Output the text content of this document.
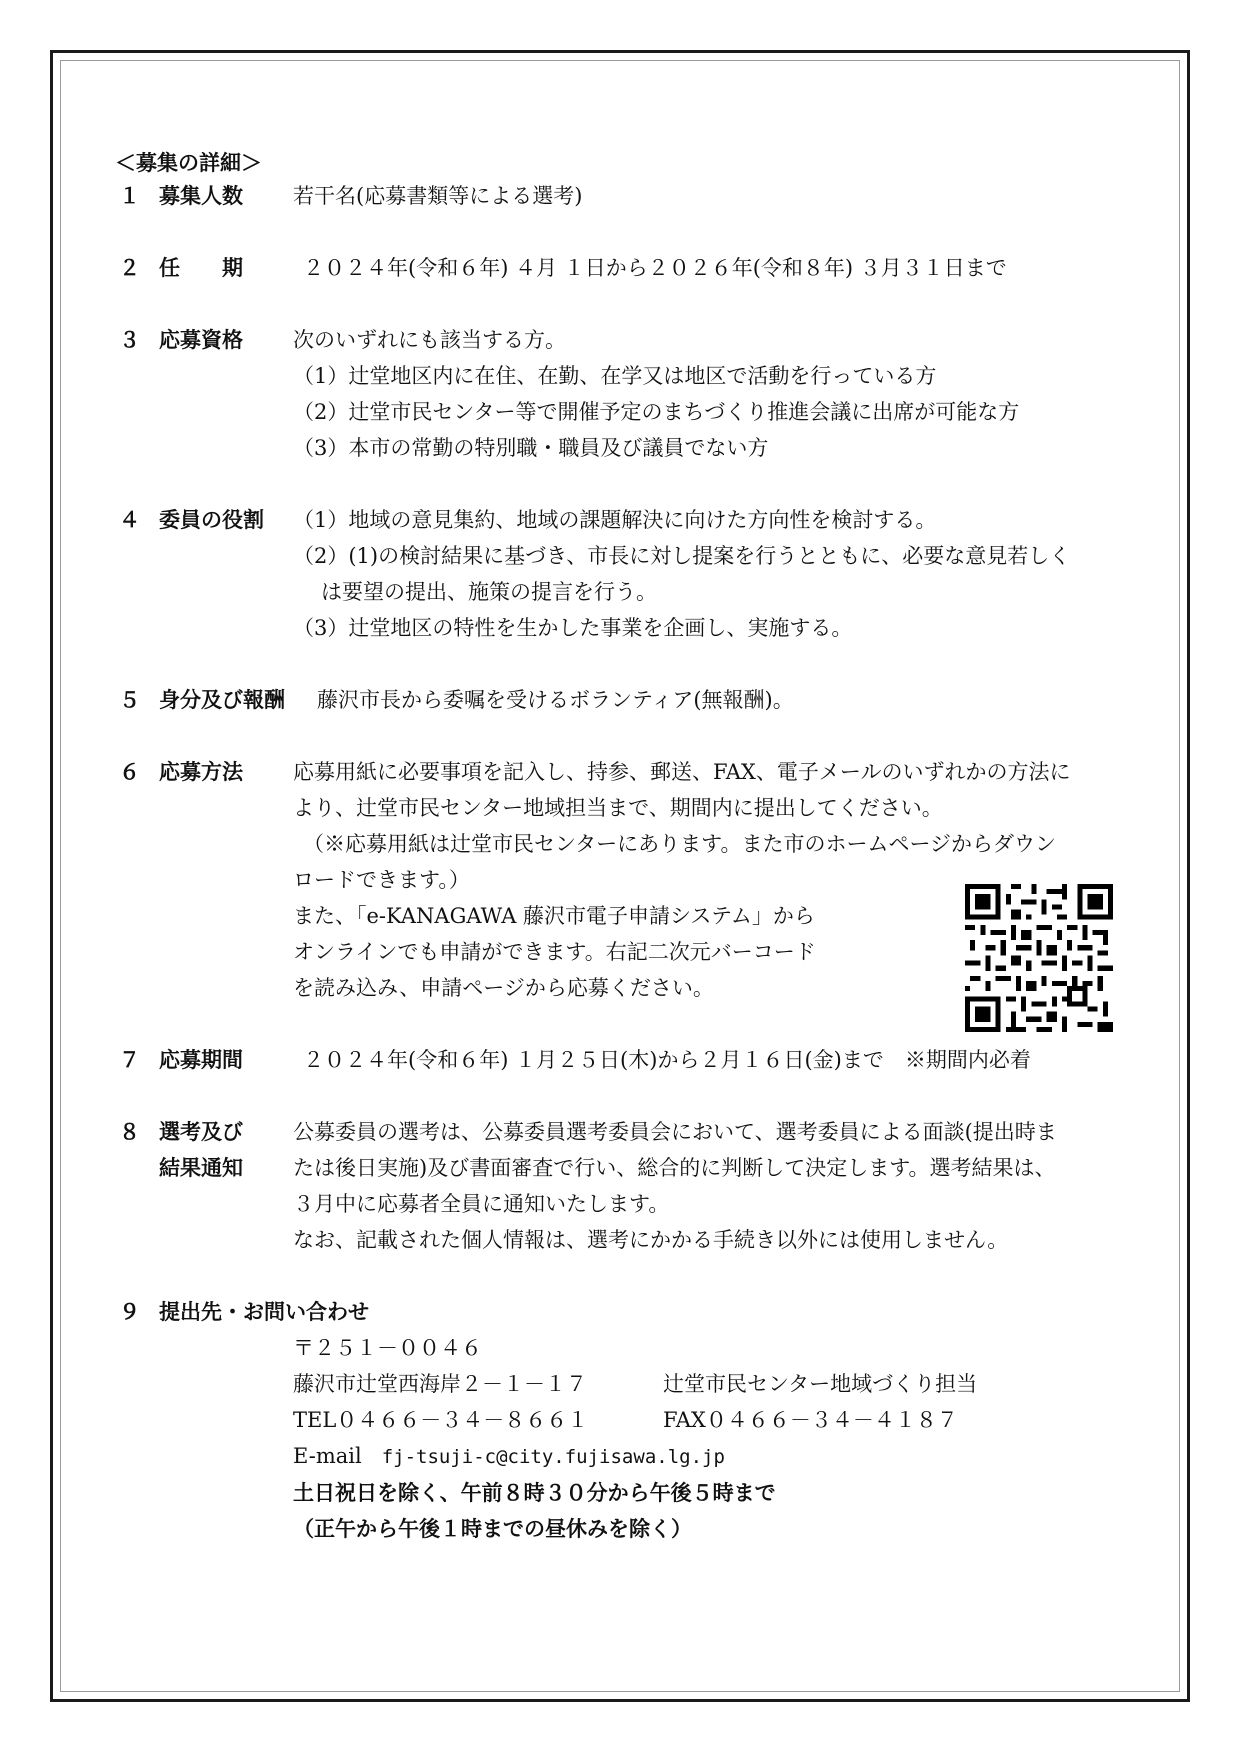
＜募集の詳細＞

１ 募集人数 若干名(応募書類等による選考)

２ 任　　期	２０２４年(令和６年) ４月 １日から２０２６年(令和８年) ３月３１日まで

３ 応募資格 次のいずれにも該当する方。

（1）辻堂地区内に在住、在勤、在学又は地区で活動を行っている方

（2）辻堂市民センター等で開催予定のまちづくり推進会議に出席が可能な方

（3）本市の常勤の特別職・職員及び議員でない方

４ 委員の役割 （1）地域の意見集約、地域の課題解決に向けた方向性を検討する。

（2）(1)の検討結果に基づき、市長に対し提案を行うとともに、必要な意見若しく

は要望の提出、施策の提言を行う。

（3）辻堂地区の特性を生かした事業を企画し、実施する。

５ 身分及び報酬	藤沢市長から委嘱を受けるボランティア(無報酬)。

６ 応募方法 応募用紙に必要事項を記入し、持参、郵送、FAX、電子メールのいずれかの方法に

より、辻堂市民センター地域担当まで、期間内に提出してください。

（※応募用紙は辻堂市民センターにあります。また市のホームページからダウン

ロードできます。）

また、「e-KANAGAWA 藤沢市電子申請システム」から

オンラインでも申請ができます。右記二次元バーコード

を読み込み、申請ページから応募ください。

７ 応募期間	２０２４年(令和６年) １月２５日(木)から２月１６日(金)まで　※期間内必着

８ 選考及び
結果通知

公募委員の選考は、公募委員選考委員会において、選考委員による面談(提出時ま

たは後日実施)及び書面審査で行い、総合的に判断して決定します。選考結果は、

３月中に応募者全員に通知いたします。

なお、記載された個人情報は、選考にかかる手続き以外には使用しません。

９ 提出先・お問い合わせ

〒２５１－００４６

藤沢市辻堂西海岸２－１－１７	辻堂市民センター地域づくり担当
TEL０４６６－３４－８６６１	FAX０４６６－３４－４１８７

E-mail fj-tsuji-c@city.fujisawa.lg.jp

土日祝日を除く、午前８時３０分から午後５時まで

（正午から午後１時までの昼休みを除く）
